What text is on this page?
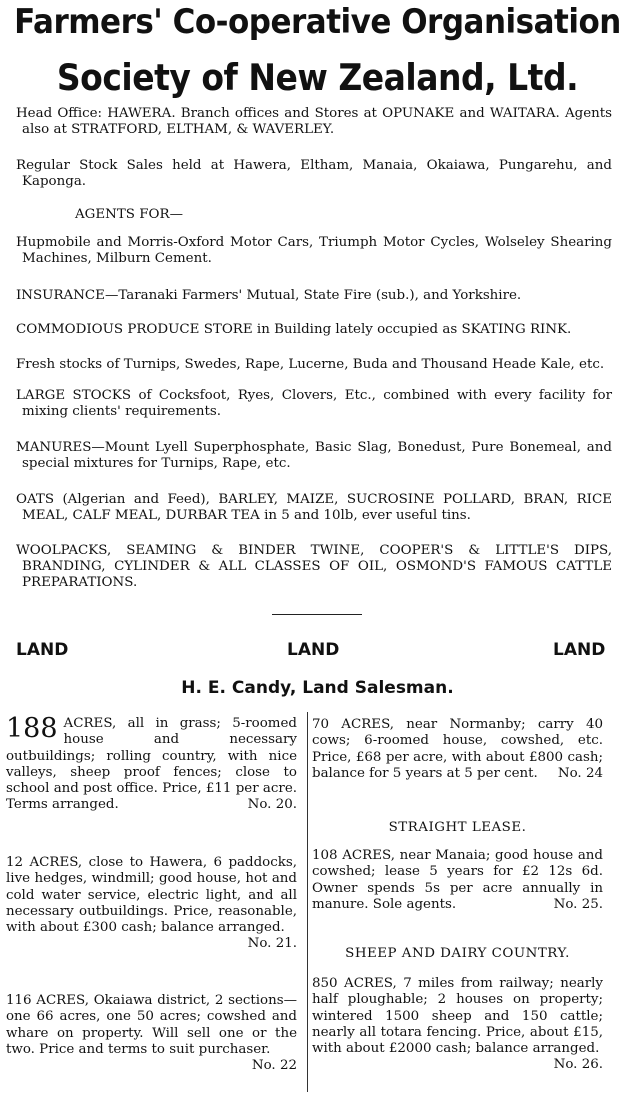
Farmers' Co-operative Organisation
Society of New Zealand, Ltd.

Head Office: HAWERA. Branch offices and Stores at OPUNAKE and WAITARA. Agents also at STRATFORD, ELTHAM, & WAVERLEY.

Regular Stock Sales held at Hawera, Eltham, Manaia, Okaiawa, Pungarehu, and Kaponga.

AGENTS FOR—

Hupmobile and Morris-Oxford Motor Cars, Triumph Motor Cycles, Wolseley Shearing Machines, Milburn Cement.

INSURANCE—Taranaki Farmers' Mutual, State Fire (sub.), and Yorkshire.

COMMODIOUS PRODUCE STORE in Building lately occupied as SKATING RINK.

Fresh stocks of Turnips, Swedes, Rape, Lucerne, Buda and Thousand Heade Kale, etc.

LARGE STOCKS of Cocksfoot, Ryes, Clovers, Etc., combined with every facility for mixing clients' requirements.

MANURES—Mount Lyell Superphosphate, Basic Slag, Bonedust, Pure Bonemeal, and special mixtures for Turnips, Rape, etc.

OATS (Algerian and Feed), BARLEY, MAIZE, SUCROSINE POLLARD, BRAN, RICE MEAL, CALF MEAL, DURBAR TEA in 5 and 10lb, ever useful tins.

WOOLPACKS, SEAMING & BINDER TWINE, COOPER'S & LITTLE'S DIPS, BRANDING, CYLINDER & ALL CLASSES OF OIL, OSMOND'S FAMOUS CATTLE PREPARATIONS.

LAND	LAND	LAND

H. E. Candy, Land Salesman.

188 ACRES, all in grass; 5-roomed house and necessary outbuildings; rolling country, with nice valleys, sheep proof fences; close to school and post office. Price, £11 per acre. Terms arranged.	No. 20.
12 ACRES, close to Hawera, 6 paddocks, live hedges, windmill; good house, hot and cold water service, electric light, and all necessary outbuildings. Price, reasonable, with about £300 cash; balance arranged.
No. 21.
116 ACRES, Okaiawa district, 2 sections—one 66 acres, one 50 acres; cowshed and whare on property. Will sell one or the two. Price and terms to suit purchaser.
No. 22
70 ACRES, near Normanby; carry 40 cows; 6-roomed house, cowshed, etc. Price, £68 per acre, with about £800 cash; balance for 5 years at 5 per cent. No. 24

STRAIGHT LEASE.

108 ACRES, near Manaia; good house and cowshed; lease 5 years for £2 12s 6d. Owner spends 5s per acre annually in manure. Sole agents.	No. 25.

SHEEP AND DAIRY COUNTRY.

850 ACRES, 7 miles from railway; nearly half ploughable; 2 houses on property; wintered 1500 sheep and 150 cattle; nearly all totara fencing. Price, about £15, with about £2000 cash; balance arranged.
No. 26.
